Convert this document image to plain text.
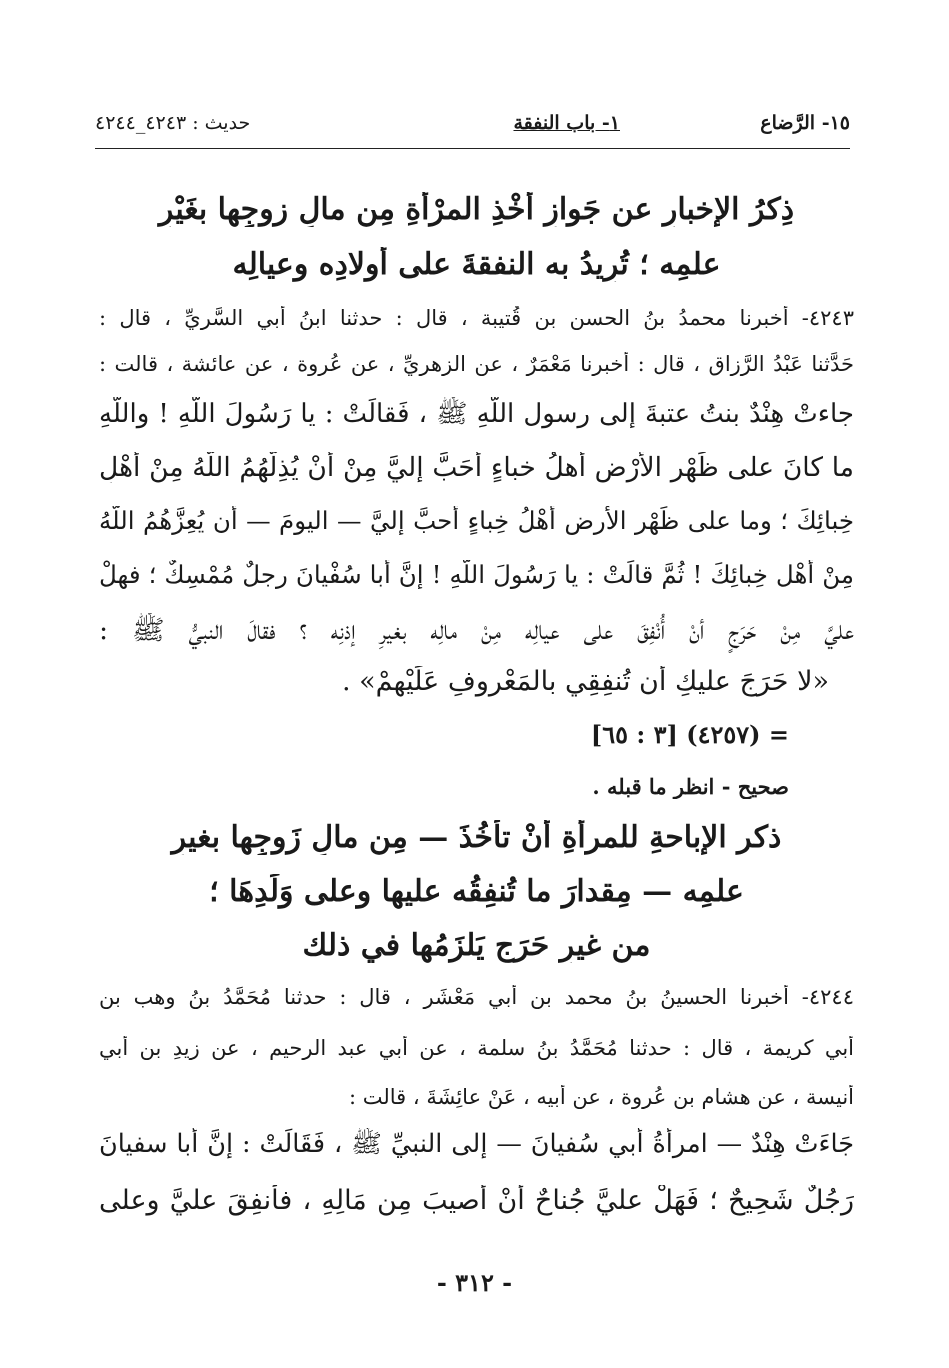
١٥- الرَّضاع
١- باب النفقة
حديث : ٤٢٤٣_٤٢٤٤
ذِكرُ الإخبارِ عن جَوازِ أَخْذِ المرْأةِ مِن مالِ زوجِها بغَيْرِ
علمِه ؛ تُرِيدُ به النفقةَ على أولادِه وعيالِه
٤٢٤٣- أخبرنا محمدُ بنُ الحسن بنِ قُتيبة ، قال : حدثنا ابنُ أبي السَّرِيِّ ، قال :
حَدَّثنا عَبْدُ الرَّزاق ، قال : أخبرنا مَعْمَرٌ ، عن الزهريِّ ، عن عُروة ، عن عائشة ، قالت :
جاءتْ هِنْدٌ بنتُ عتبةَ إلى رسول اللّهِ ﷺ ، فَقالَتْ : يا رَسُولَ اللّهِ ! واللّهِ
ما كانَ على ظَهْرِ الأَرْضِ أهلُ خباءٍ أَحَبَّ إليَّ مِنْ أنْ يُذِلَّهُمُ اللّهُ مِنْ أَهْلِ
خِبائِكَ ؛ وما على ظَهْرِ الأرضِ أَهْلُ خِباءٍ أحبَّ إليَّ — اليومَ — أن يُعِزَّهُمُ اللّهُ
مِنْ أَهْلِ خِبائِكَ ! ثُمَّ قالَتْ : يا رَسُولَ اللّهِ ! إنَّ أبا سُفْيانَ رجلٌ مُمْسِكٌ ؛ فهلْ
عليَّ مِنْ حَرَجٍ أنْ أُنْفِقَ على عيالِه مِنْ مالِه بغيرِ إذنِه ؟ فقالَ النبيُّ ﷺ :
«لا حَرَجَ عليكِ أن تُنفِقِي بالمَعْروفِ عَلَيْهِمْ» .
= (٤٢٥٧) [٣ : ٦٥]
صحيح - انظر ما قبله .
ذكر الإباحةِ للمرأةِ أنْ تأْخُذَ — مِن مالِ زَوجِها بغيرِ
علمِه — مِقدارَ ما تُنفِقُه عليها وعلى وَلَدِهَا ؛
من غيرِ حَرَجٍ يَلزَمُها في ذلك
٤٢٤٤- أخبرنا الحسينُ بنُ محمد بنِ أبي مَعْشَرٍ ، قال : حدثنا مُحَمَّدُ بنُ وهب بن
أبي كريمة ، قال : حدثنا مُحَمَّدُ بنُ سلمة ، عن أبي عبد الرحيم ، عن زيدِ بنِ أبي
أنيسة ، عن هشام بن عُروة ، عن أبيه ، عَنْ عائِشَةَ ، قالت :
جَاءَتْ هِنْدٌ — امرأةُ أبي سُفيانَ — إلى النبيِّ ﷺ ، فَقَالَتْ : إنَّ أبا سفيانَ
رَجُلٌ شَحِيحٌ ؛ فَهَلْ عليَّ جُناحٌ أنْ أُصيبَ مِن مَالِهِ ، فأُنفِقَ عليَّ وعلى
- ٣١٢ -
